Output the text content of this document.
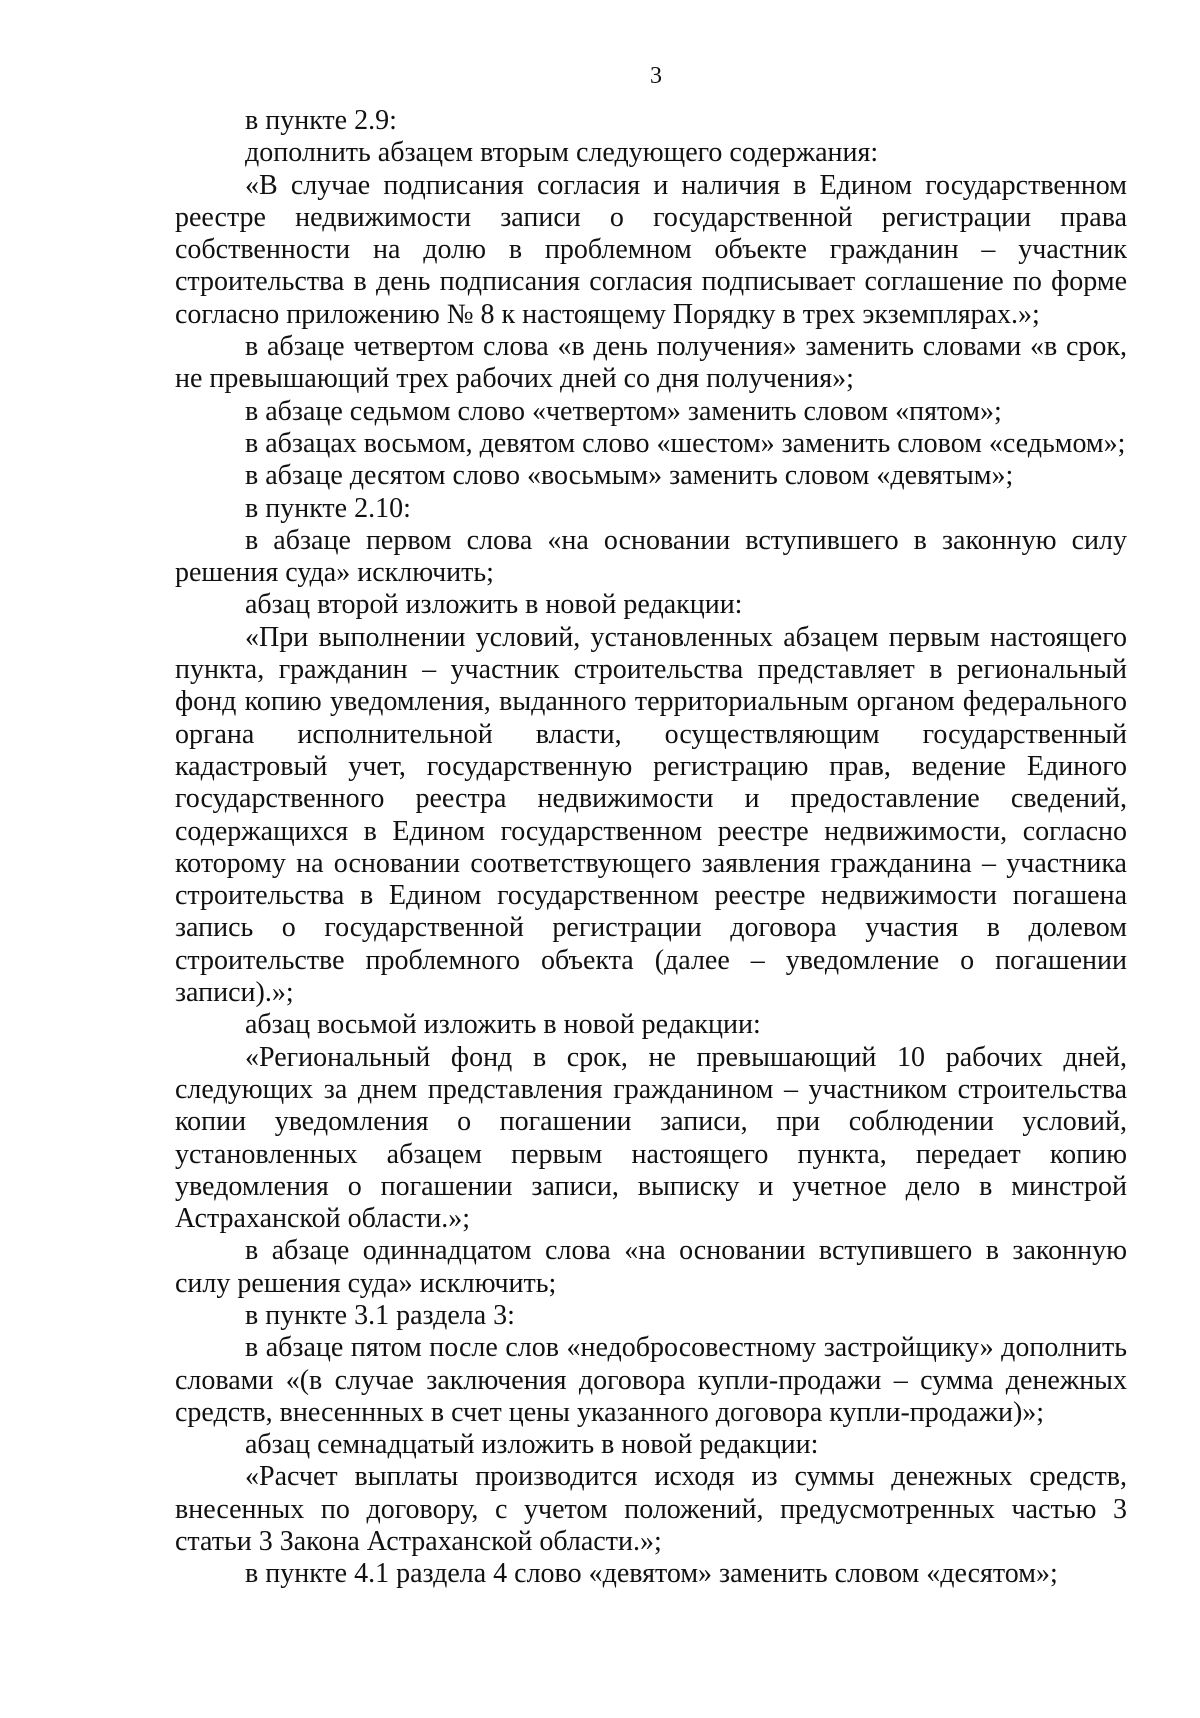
3

в пункте 2.9:

дополнить абзацем вторым следующего содержания:

«В случае подписания согласия и наличия в Едином государственном реестре недвижимости записи о государственной регистрации права собственности на долю в проблемном объекте гражданин – участник строительства в день подписания согласия подписывает соглашение по форме согласно приложению № 8 к настоящему Порядку в трех экземплярах.»;

в абзаце четвертом слова «в день получения» заменить словами «в срок, не превышающий трех рабочих дней со дня получения»;

в абзаце седьмом слово «четвертом» заменить словом «пятом»;

в абзацах восьмом, девятом слово «шестом» заменить словом «седьмом»;

в абзаце десятом слово «восьмым» заменить словом «девятым»;

в пункте 2.10:

в абзаце первом слова «на основании вступившего в законную силу решения суда» исключить;

абзац второй изложить в новой редакции:

«При выполнении условий, установленных абзацем первым настоящего пункта, гражданин – участник строительства представляет в региональный фонд копию уведомления, выданного территориальным органом федерального органа исполнительной власти, осуществляющим государственный кадастровый учет, государственную регистрацию прав, ведение Единого государственного реестра недвижимости и предоставление сведений, содержащихся в Едином государственном реестре недвижимости, согласно которому на основании соответствующего заявления гражданина – участника строительства в Едином государственном реестре недвижимости погашена запись о государственной регистрации договора участия в долевом строительстве проблемного объекта (далее – уведомление о погашении записи).»;

абзац восьмой изложить в новой редакции:

«Региональный фонд в срок, не превышающий 10 рабочих дней, следующих за днем представления гражданином – участником строительства копии уведомления о погашении записи, при соблюдении условий, установленных абзацем первым настоящего пункта, передает копию уведомления о погашении записи, выписку и учетное дело в минстрой Астраханской области.»;

в абзаце одиннадцатом слова «на основании вступившего в законную силу решения суда» исключить;

в пункте 3.1 раздела 3:

в абзаце пятом после слов «недобросовестному застройщику» дополнить словами «(в случае заключения договора купли-продажи – сумма денежных средств, внесеннных в счет цены указанного договора купли-продажи)»;

абзац семнадцатый изложить в новой редакции:

«Расчет выплаты производится исходя из суммы денежных средств, внесенных по договору, с учетом положений, предусмотренных частью 3 статьи 3 Закона Астраханской области.»;

в пункте 4.1 раздела 4 слово «девятом» заменить словом «десятом»;
